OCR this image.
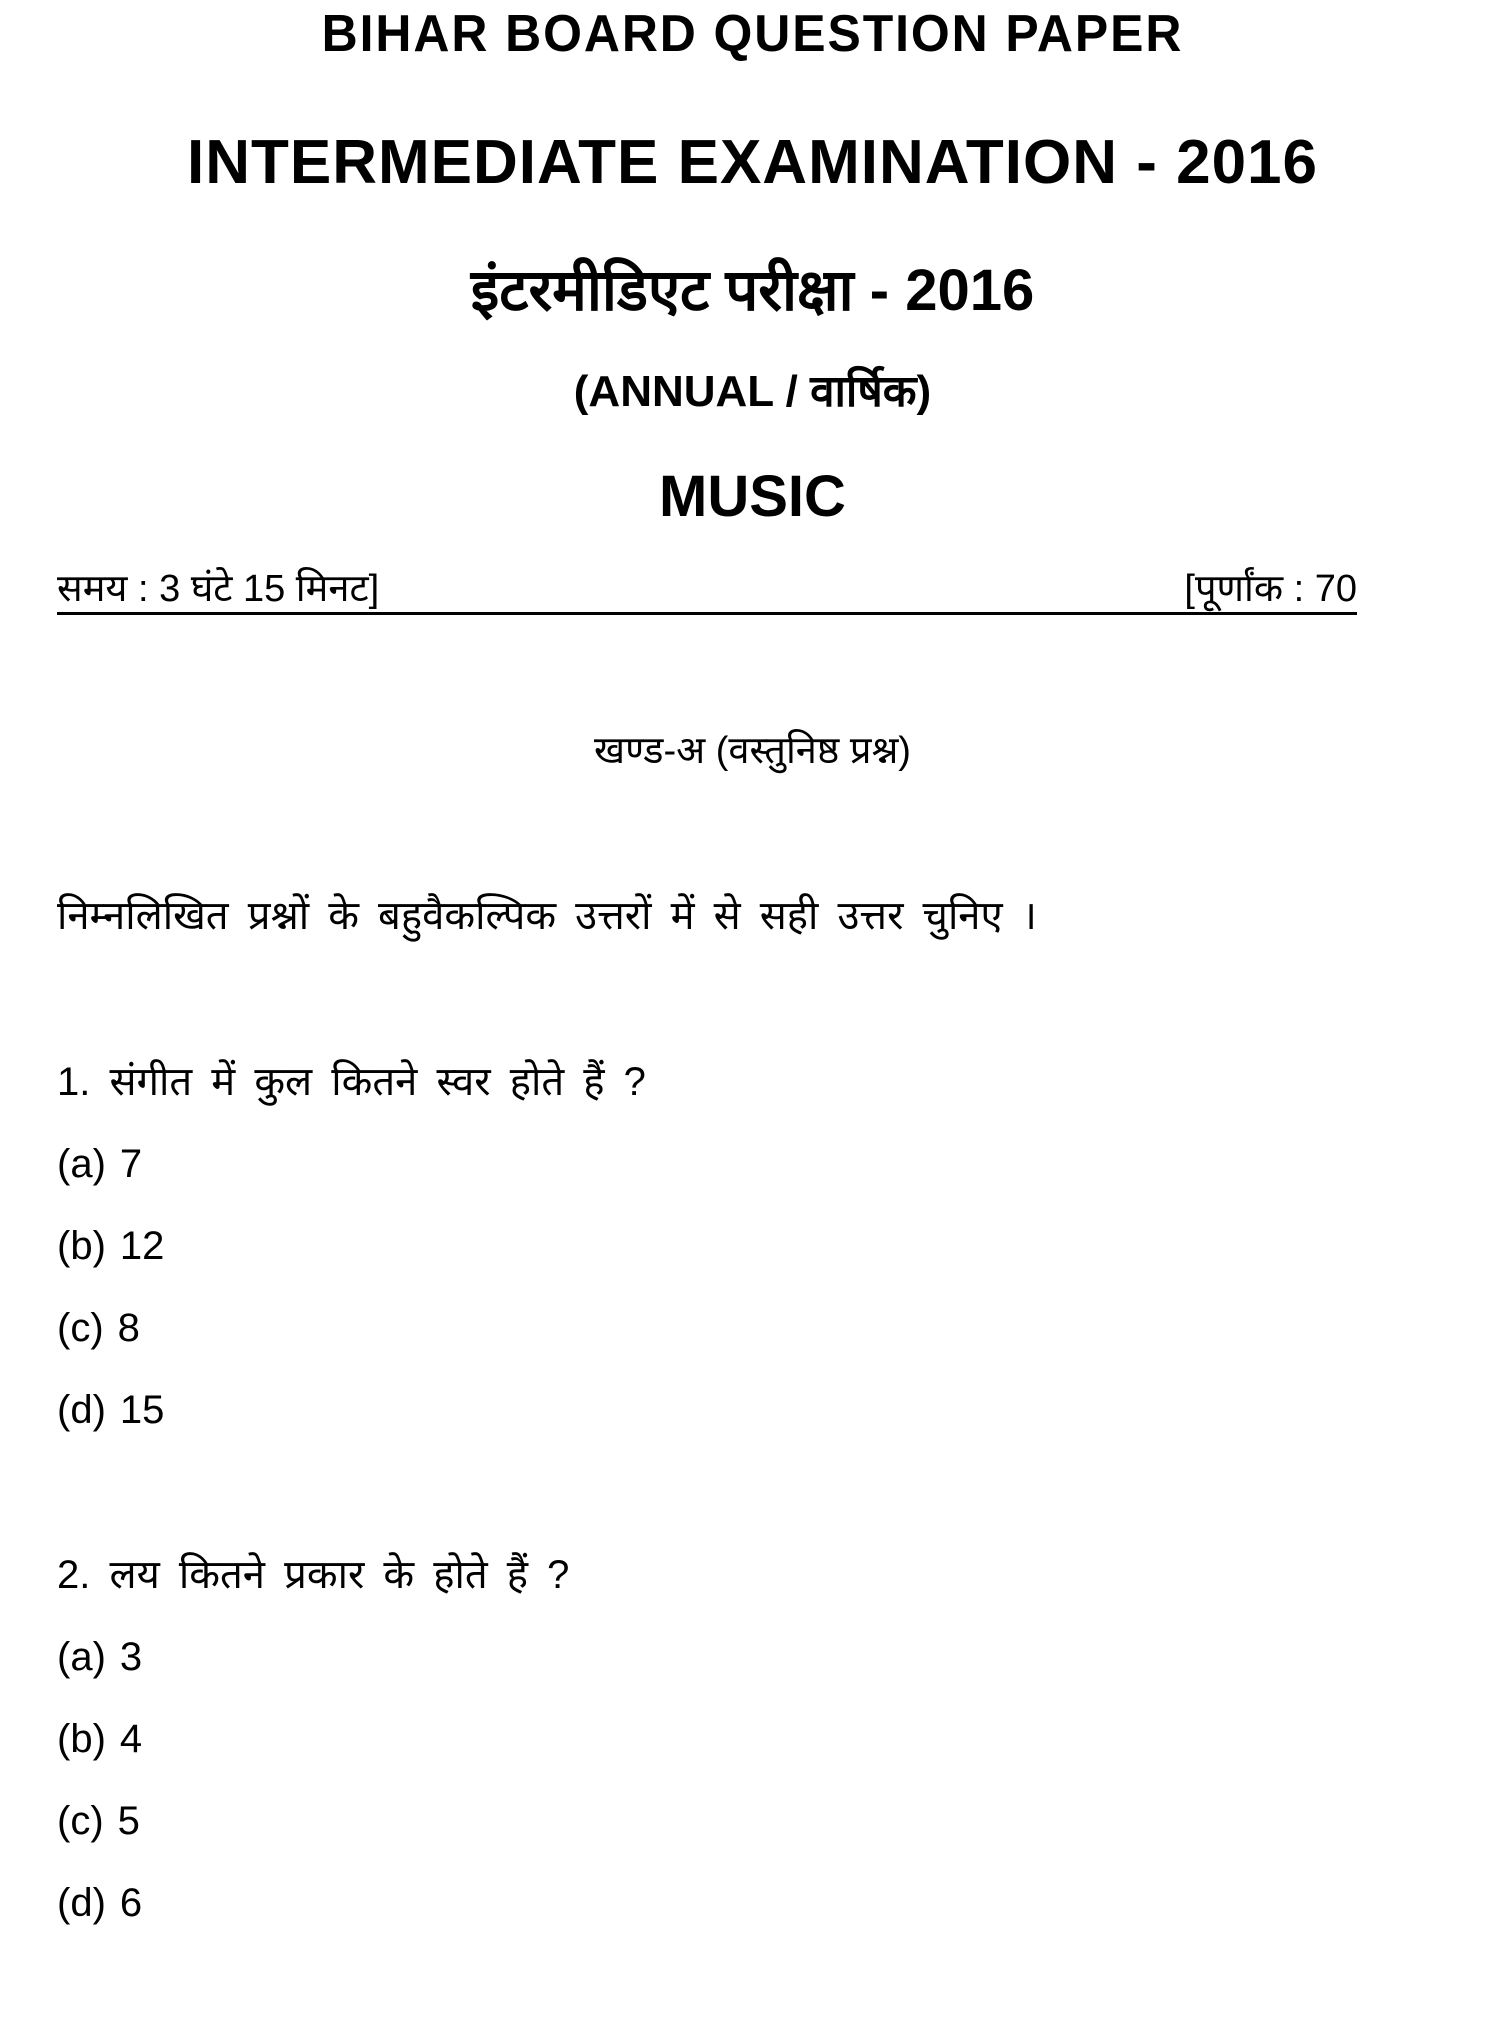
BIHAR BOARD QUESTION PAPER
INTERMEDIATE EXAMINATION - 2016
इंटरमीडिएट परीक्षा - 2016
(ANNUAL / वार्षिक)
MUSIC
समय : 3 घंटे 15 मिनट]	[पूर्णांक : 70
खण्ड-अ (वस्तुनिष्ठ प्रश्न)
निम्नलिखित प्रश्नों के बहुवैकल्पिक उत्तरों में से सही उत्तर चुनिए ।
1. संगीत में कुल कितने स्वर होते हैं ?
(a) 7
(b) 12
(c) 8
(d) 15
2. लय कितने प्रकार के होते हैं ?
(a) 3
(b) 4
(c) 5
(d) 6
